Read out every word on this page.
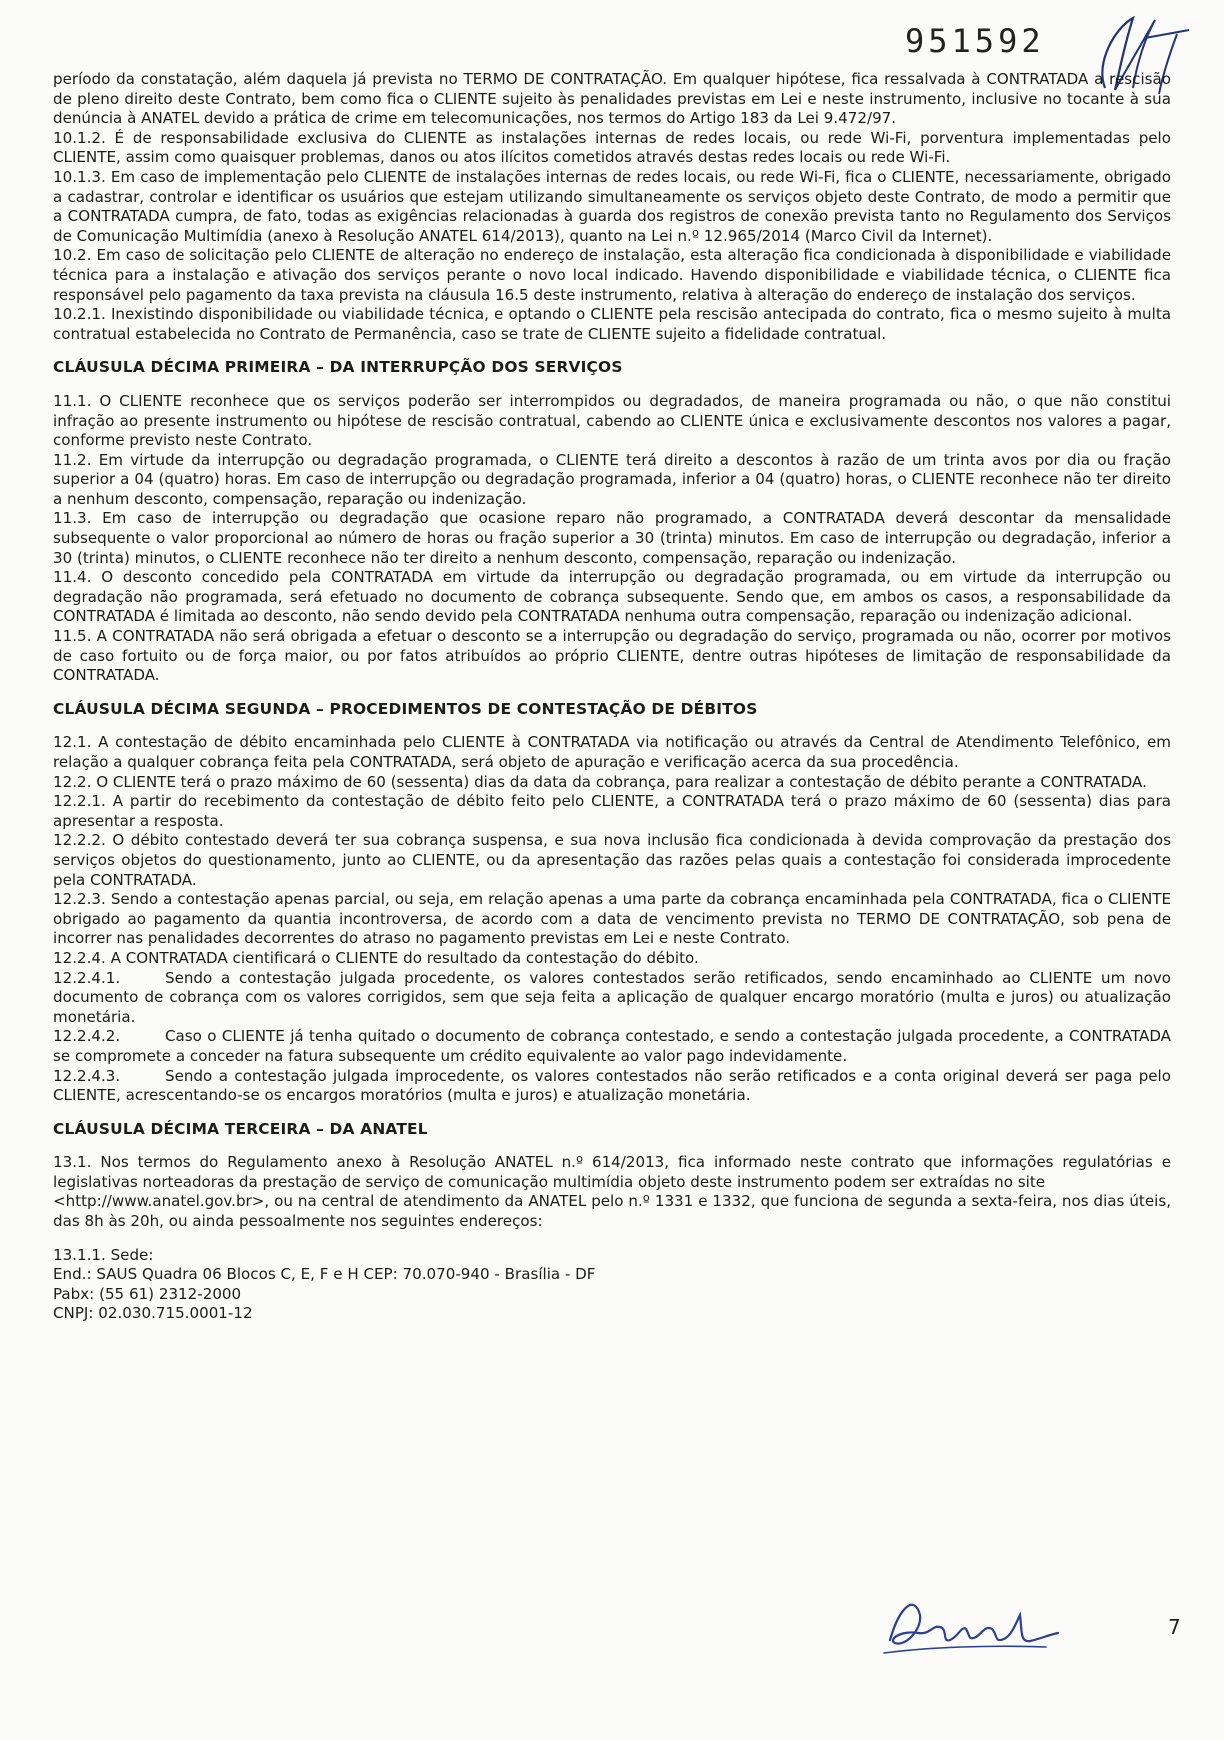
951592

período da constatação, além daquela já prevista no TERMO DE CONTRATAÇÃO. Em qualquer hipótese, fica ressalvada à CONTRATADA a rescisão de pleno direito deste Contrato, bem como fica o CLIENTE sujeito às penalidades previstas em Lei e neste instrumento, inclusive no tocante à sua denúncia à ANATEL devido a prática de crime em telecomunicações, nos termos do Artigo 183 da Lei 9.472/97.

10.1.2. É de responsabilidade exclusiva do CLIENTE as instalações internas de redes locais, ou rede Wi-Fi, porventura implementadas pelo CLIENTE, assim como quaisquer problemas, danos ou atos ilícitos cometidos através destas redes locais ou rede Wi-Fi.

10.1.3. Em caso de implementação pelo CLIENTE de instalações internas de redes locais, ou rede Wi-Fi, fica o CLIENTE, necessariamente, obrigado a cadastrar, controlar e identificar os usuários que estejam utilizando simultaneamente os serviços objeto deste Contrato, de modo a permitir que a CONTRATADA cumpra, de fato, todas as exigências relacionadas à guarda dos registros de conexão prevista tanto no Regulamento dos Serviços de Comunicação Multimídia (anexo à Resolução ANATEL 614/2013), quanto na Lei n.º 12.965/2014 (Marco Civil da Internet).

10.2. Em caso de solicitação pelo CLIENTE de alteração no endereço de instalação, esta alteração fica condicionada à disponibilidade e viabilidade técnica para a instalação e ativação dos serviços perante o novo local indicado. Havendo disponibilidade e viabilidade técnica, o CLIENTE fica responsável pelo pagamento da taxa prevista na cláusula 16.5 deste instrumento, relativa à alteração do endereço de instalação dos serviços.

10.2.1. Inexistindo disponibilidade ou viabilidade técnica, e optando o CLIENTE pela rescisão antecipada do contrato, fica o mesmo sujeito à multa contratual estabelecida no Contrato de Permanência, caso se trate de CLIENTE sujeito a fidelidade contratual.

CLÁUSULA DÉCIMA PRIMEIRA – DA INTERRUPÇÃO DOS SERVIÇOS

11.1. O CLIENTE reconhece que os serviços poderão ser interrompidos ou degradados, de maneira programada ou não, o que não constitui infração ao presente instrumento ou hipótese de rescisão contratual, cabendo ao CLIENTE única e exclusivamente descontos nos valores a pagar, conforme previsto neste Contrato.

11.2. Em virtude da interrupção ou degradação programada, o CLIENTE terá direito a descontos à razão de um trinta avos por dia ou fração superior a 04 (quatro) horas. Em caso de interrupção ou degradação programada, inferior a 04 (quatro) horas, o CLIENTE reconhece não ter direito a nenhum desconto, compensação, reparação ou indenização.

11.3. Em caso de interrupção ou degradação que ocasione reparo não programado, a CONTRATADA deverá descontar da mensalidade subsequente o valor proporcional ao número de horas ou fração superior a 30 (trinta) minutos. Em caso de interrupção ou degradação, inferior a 30 (trinta) minutos, o CLIENTE reconhece não ter direito a nenhum desconto, compensação, reparação ou indenização.

11.4. O desconto concedido pela CONTRATADA em virtude da interrupção ou degradação programada, ou em virtude da interrupção ou degradação não programada, será efetuado no documento de cobrança subsequente. Sendo que, em ambos os casos, a responsabilidade da CONTRATADA é limitada ao desconto, não sendo devido pela CONTRATADA nenhuma outra compensação, reparação ou indenização adicional.

11.5. A CONTRATADA não será obrigada a efetuar o desconto se a interrupção ou degradação do serviço, programada ou não, ocorrer por motivos de caso fortuito ou de força maior, ou por fatos atribuídos ao próprio CLIENTE, dentre outras hipóteses de limitação de responsabilidade da CONTRATADA.

CLÁUSULA DÉCIMA SEGUNDA – PROCEDIMENTOS DE CONTESTAÇÃO DE DÉBITOS

12.1. A contestação de débito encaminhada pelo CLIENTE à CONTRATADA via notificação ou através da Central de Atendimento Telefônico, em relação a qualquer cobrança feita pela CONTRATADA, será objeto de apuração e verificação acerca da sua procedência.

12.2. O CLIENTE terá o prazo máximo de 60 (sessenta) dias da data da cobrança, para realizar a contestação de débito perante a CONTRATADA.

12.2.1. A partir do recebimento da contestação de débito feito pelo CLIENTE, a CONTRATADA terá o prazo máximo de 60 (sessenta) dias para apresentar a resposta.

12.2.2. O débito contestado deverá ter sua cobrança suspensa, e sua nova inclusão fica condicionada à devida comprovação da prestação dos serviços objetos do questionamento, junto ao CLIENTE, ou da apresentação das razões pelas quais a contestação foi considerada improcedente pela CONTRATADA.

12.2.3. Sendo a contestação apenas parcial, ou seja, em relação apenas a uma parte da cobrança encaminhada pela CONTRATADA, fica o CLIENTE obrigado ao pagamento da quantia incontroversa, de acordo com a data de vencimento prevista no TERMO DE CONTRATAÇÃO, sob pena de incorrer nas penalidades decorrentes do atraso no pagamento previstas em Lei e neste Contrato.

12.2.4. A CONTRATADA cientificará o CLIENTE do resultado da contestação do débito.

12.2.4.1.	Sendo a contestação julgada procedente, os valores contestados serão retificados, sendo encaminhado ao CLIENTE um novo documento de cobrança com os valores corrigidos, sem que seja feita a aplicação de qualquer encargo moratório (multa e juros) ou atualização monetária.

12.2.4.2.	Caso o CLIENTE já tenha quitado o documento de cobrança contestado, e sendo a contestação julgada procedente, a CONTRATADA se compromete a conceder na fatura subsequente um crédito equivalente ao valor pago indevidamente.

12.2.4.3.	Sendo a contestação julgada improcedente, os valores contestados não serão retificados e a conta original deverá ser paga pelo CLIENTE, acrescentando-se os encargos moratórios (multa e juros) e atualização monetária.

CLÁUSULA DÉCIMA TERCEIRA – DA ANATEL

13.1. Nos termos do Regulamento anexo à Resolução ANATEL n.º 614/2013, fica informado neste contrato que informações regulatórias e legislativas norteadoras da prestação de serviço de comunicação multimídia objeto deste instrumento podem ser extraídas no site

<http://www.anatel.gov.br>, ou na central de atendimento da ANATEL pelo n.º 1331 e 1332, que funciona de segunda a sexta-feira, nos dias úteis, das 8h às 20h, ou ainda pessoalmente nos seguintes endereços:

13.1.1. Sede:

End.: SAUS Quadra 06 Blocos C, E, F e H CEP: 70.070-940 - Brasília - DF

Pabx: (55 61) 2312-2000

CNPJ: 02.030.715.0001-12

7
